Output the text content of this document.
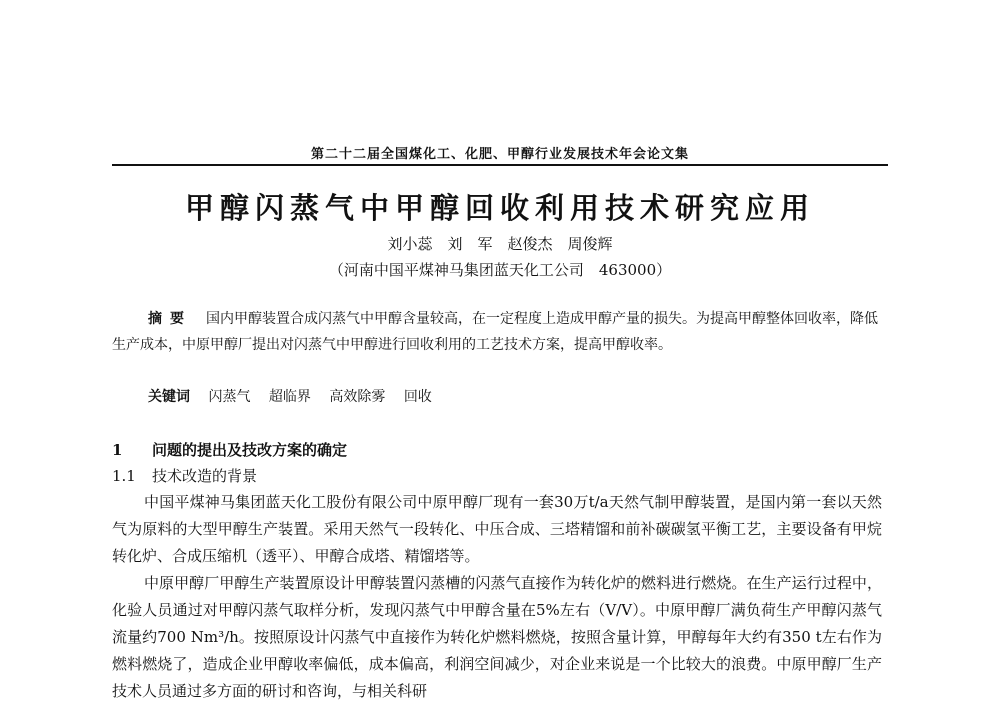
第二十二届全国煤化工、化肥、甲醇行业发展技术年会论文集
甲醇闪蒸气中甲醇回收利用技术研究应用
刘小蕊　刘　军　赵俊杰　周俊辉
（河南中国平煤神马集团蓝天化工公司　463000）
摘要 国内甲醇装置合成闪蒸气中甲醇含量较高，在一定程度上造成甲醇产量的损失。为提高甲醇整体回收率，降低生产成本，中原甲醇厂提出对闪蒸气中甲醇进行回收利用的工艺技术方案，提高甲醇收率。
关键词 闪蒸气 超临界 高效除雾 回收
1 问题的提出及技改方案的确定
1.1 技术改造的背景

中国平煤神马集团蓝天化工股份有限公司中原甲醇厂现有一套30万t/a天然气制甲醇装置，是国内第一套以天然气为原料的大型甲醇生产装置。采用天然气一段转化、中压合成、三塔精馏和前补碳碳氢平衡工艺，主要设备有甲烷转化炉、合成压缩机（透平）、甲醇合成塔、精馏塔等。

中原甲醇厂甲醇生产装置原设计甲醇装置闪蒸槽的闪蒸气直接作为转化炉的燃料进行燃烧。在生产运行过程中，化验人员通过对甲醇闪蒸气取样分析，发现闪蒸气中甲醇含量在5%左右（V/V）。中原甲醇厂满负荷生产甲醇闪蒸气流量约700 Nm³/h。按照原设计闪蒸气中直接作为转化炉燃料燃烧，按照含量计算，甲醇每年大约有350 t左右作为燃料燃烧了，造成企业甲醇收率偏低，成本偏高，利润空间减少，对企业来说是一个比较大的浪费。中原甲醇厂生产技术人员通过多方面的研讨和咨询，与相关科研
